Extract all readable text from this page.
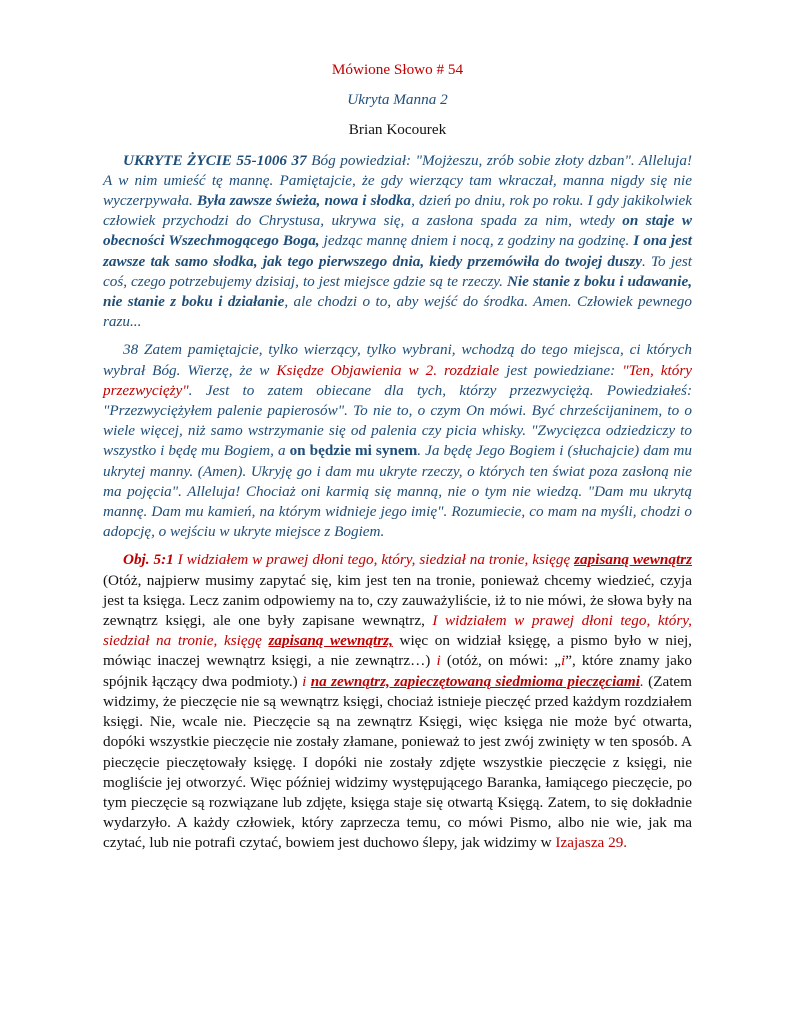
Mówione Słowo # 54
Ukryta Manna 2
Brian Kocourek

UKRYTE ŻYCIE 55-1006 37 Bóg powiedział: "Mojżeszu, zrób sobie złoty dzban". Alleluja! A w nim umieść tę mannę. Pamiętajcie, że gdy wierzący tam wkraczał, manna nigdy się nie wyczerpywała. Była zawsze świeża, nowa i słodka, dzień po dniu, rok po roku. I gdy jakikolwiek człowiek przychodzi do Chrystusa, ukrywa się, a zasłona spada za nim, wtedy on staje w obecności Wszechmogącego Boga, jedząc mannę dniem i nocą, z godziny na godzinę. I ona jest zawsze tak samo słodka, jak tego pierwszego dnia, kiedy przemówiła do twojej duszy. To jest coś, czego potrzebujemy dzisiaj, to jest miejsce gdzie są te rzeczy. Nie stanie z boku i udawanie, nie stanie z boku i działanie, ale chodzi o to, aby wejść do środka. Amen. Człowiek pewnego razu...

38 Zatem pamiętajcie, tylko wierzący, tylko wybrani, wchodzą do tego miejsca, ci których wybrał Bóg. Wierzę, że w Księdze Objawienia w 2. rozdziale jest powiedziane: "Ten, który przezwycięży". Jest to zatem obiecane dla tych, którzy przezwyciężą. Powiedziałeś: "Przezwyciężyłem palenie papierosów". To nie to, o czym On mówi. Być chrześcijaninem, to o wiele więcej, niż samo wstrzymanie się od palenia czy picia whisky. "Zwycięzca odziedziczy to wszystko i będę mu Bogiem, a on będzie mi synem. Ja będę Jego Bogiem i (słuchajcie) dam mu ukrytej manny. (Amen). Ukryję go i dam mu ukryte rzeczy, o których ten świat poza zasłoną nie ma pojęcia". Alleluja! Chociaż oni karmią się manną, nie o tym nie wiedzą. "Dam mu ukrytą mannę. Dam mu kamień, na którym widnieje jego imię". Rozumiecie, co mam na myśli, chodzi o adopcję, o wejściu w ukryte miejsce z Bogiem.

Obj. 5:1 I widziałem w prawej dłoni tego, który, siedział na tronie, księgę zapisaną wewnątrz (Otóż, najpierw musimy zapytać się, kim jest ten na tronie, ponieważ chcemy wiedzieć, czyja jest ta księga. Lecz zanim odpowiemy na to, czy zauważyliście, iż to nie mówi, że słowa były na zewnątrz księgi, ale one były zapisane wewnątrz, I widziałem w prawej dłoni tego, który, siedział na tronie, księgę zapisaną wewnątrz, więc on widział księgę, a pismo było w niej, mówiąc inaczej wewnątrz księgi, a nie zewnątrz…) i (otóż, on mówi: „i”, które znamy jako spójnik łączący dwa podmioty.) i na zewnątrz, zapieczętowaną siedmioma pieczęciami. (Zatem widzimy, że pieczęcie nie są wewnątrz księgi, chociaż istnieje pieczęć przed każdym rozdziałem księgi. Nie, wcale nie. Pieczęcie są na zewnątrz Księgi, więc księga nie może być otwarta, dopóki wszystkie pieczęcie nie zostały złamane, ponieważ to jest zwój zwinięty w ten sposób. A pieczęcie pieczętowały księgę. I dopóki nie zostały zdjęte wszystkie pieczęcie z księgi, nie mogliście jej otworzyć. Więc później widzimy występującego Baranka, łamiącego pieczęcie, po tym pieczęcie są rozwiązane lub zdjęte, księga staje się otwartą Księgą. Zatem, to się dokładnie wydarzyło. A każdy człowiek, który zaprzecza temu, co mówi Pismo, albo nie wie, jak ma czytać, lub nie potrafi czytać, bowiem jest duchowo ślepy, jak widzimy w Izajasza 29.
